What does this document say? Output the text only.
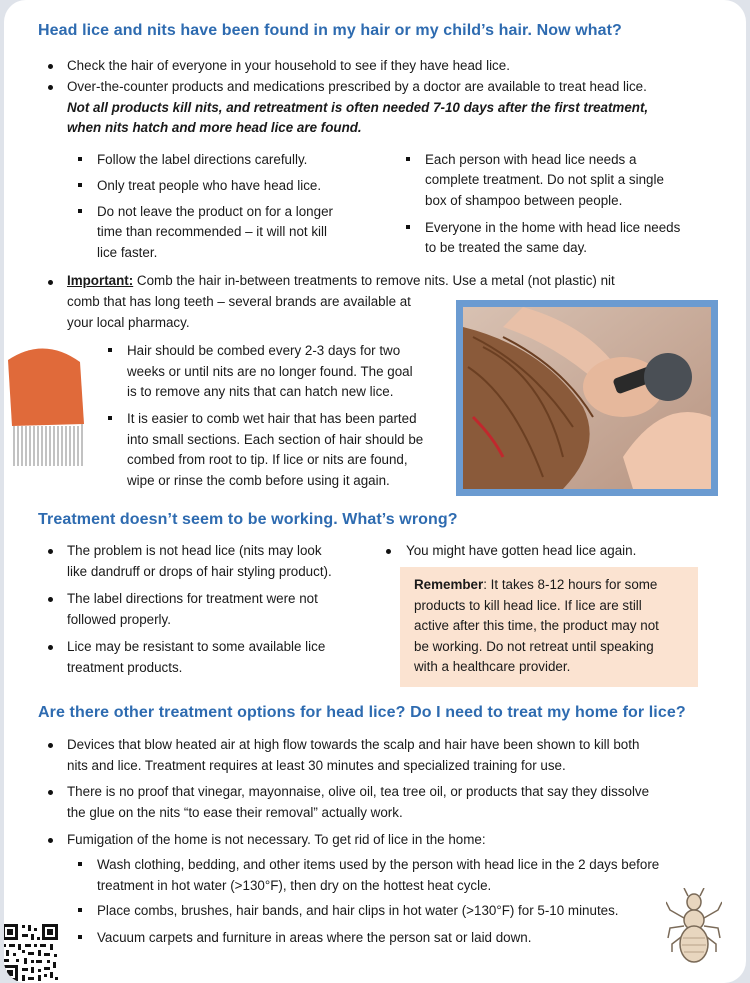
Head lice and nits have been found in my hair or my child’s hair. Now what?
Check the hair of everyone in your household to see if they have head lice.
Over-the-counter products and medications prescribed by a doctor are available to treat head lice.
Not all products kill nits, and retreatment is often needed 7-10 days after the first treatment,
when nits hatch and more head lice are found.
Follow the label directions carefully.
Only treat people who have head lice.
Do not leave the product on for a longer
time than recommended – it will not kill
lice faster.
Each person with head lice needs a
complete treatment. Do not split a single
box of shampoo between people.
Everyone in the home with head lice needs
to be treated the same day.
Important: Comb the hair in-between treatments to remove nits. Use a metal (not plastic) nit
comb that has long teeth – several brands are available at
your local pharmacy.
Hair should be combed every 2-3 days for two
weeks or until nits are no longer found. The goal
is to remove any nits that can hatch new lice.
It is easier to comb wet hair that has been parted
into small sections. Each section of hair should be
combed from root to tip. If lice or nits are found,
wipe or rinse the comb before using it again.
Treatment doesn’t seem to be working. What’s wrong?
The problem is not head lice (nits may look
like dandruff or drops of hair styling product).
The label directions for treatment were not
followed properly.
Lice may be resistant to some available lice
treatment products.
You might have gotten head lice again.
Remember: It takes 8-12 hours for some
products to kill head lice. If lice are still
active after this time, the product may not
be working. Do not retreat until speaking
with a healthcare provider.
Are there other treatment options for head lice? Do I need to treat my home for lice?
Devices that blow heated air at high flow towards the scalp and hair have been shown to kill both
nits and lice. Treatment requires at least 30 minutes and specialized training for use.
There is no proof that vinegar, mayonnaise, olive oil, tea tree oil, or products that say they dissolve
the glue on the nits “to ease their removal” actually work.
Fumigation of the home is not necessary. To get rid of lice in the home:
Wash clothing, bedding, and other items used by the person with head lice in the 2 days before
treatment in hot water (>130°F), then dry on the hottest heat cycle.
Place combs, brushes, hair bands, and hair clips in hot water (>130°F) for 5-10 minutes.
Vacuum carpets and furniture in areas where the person sat or laid down.
